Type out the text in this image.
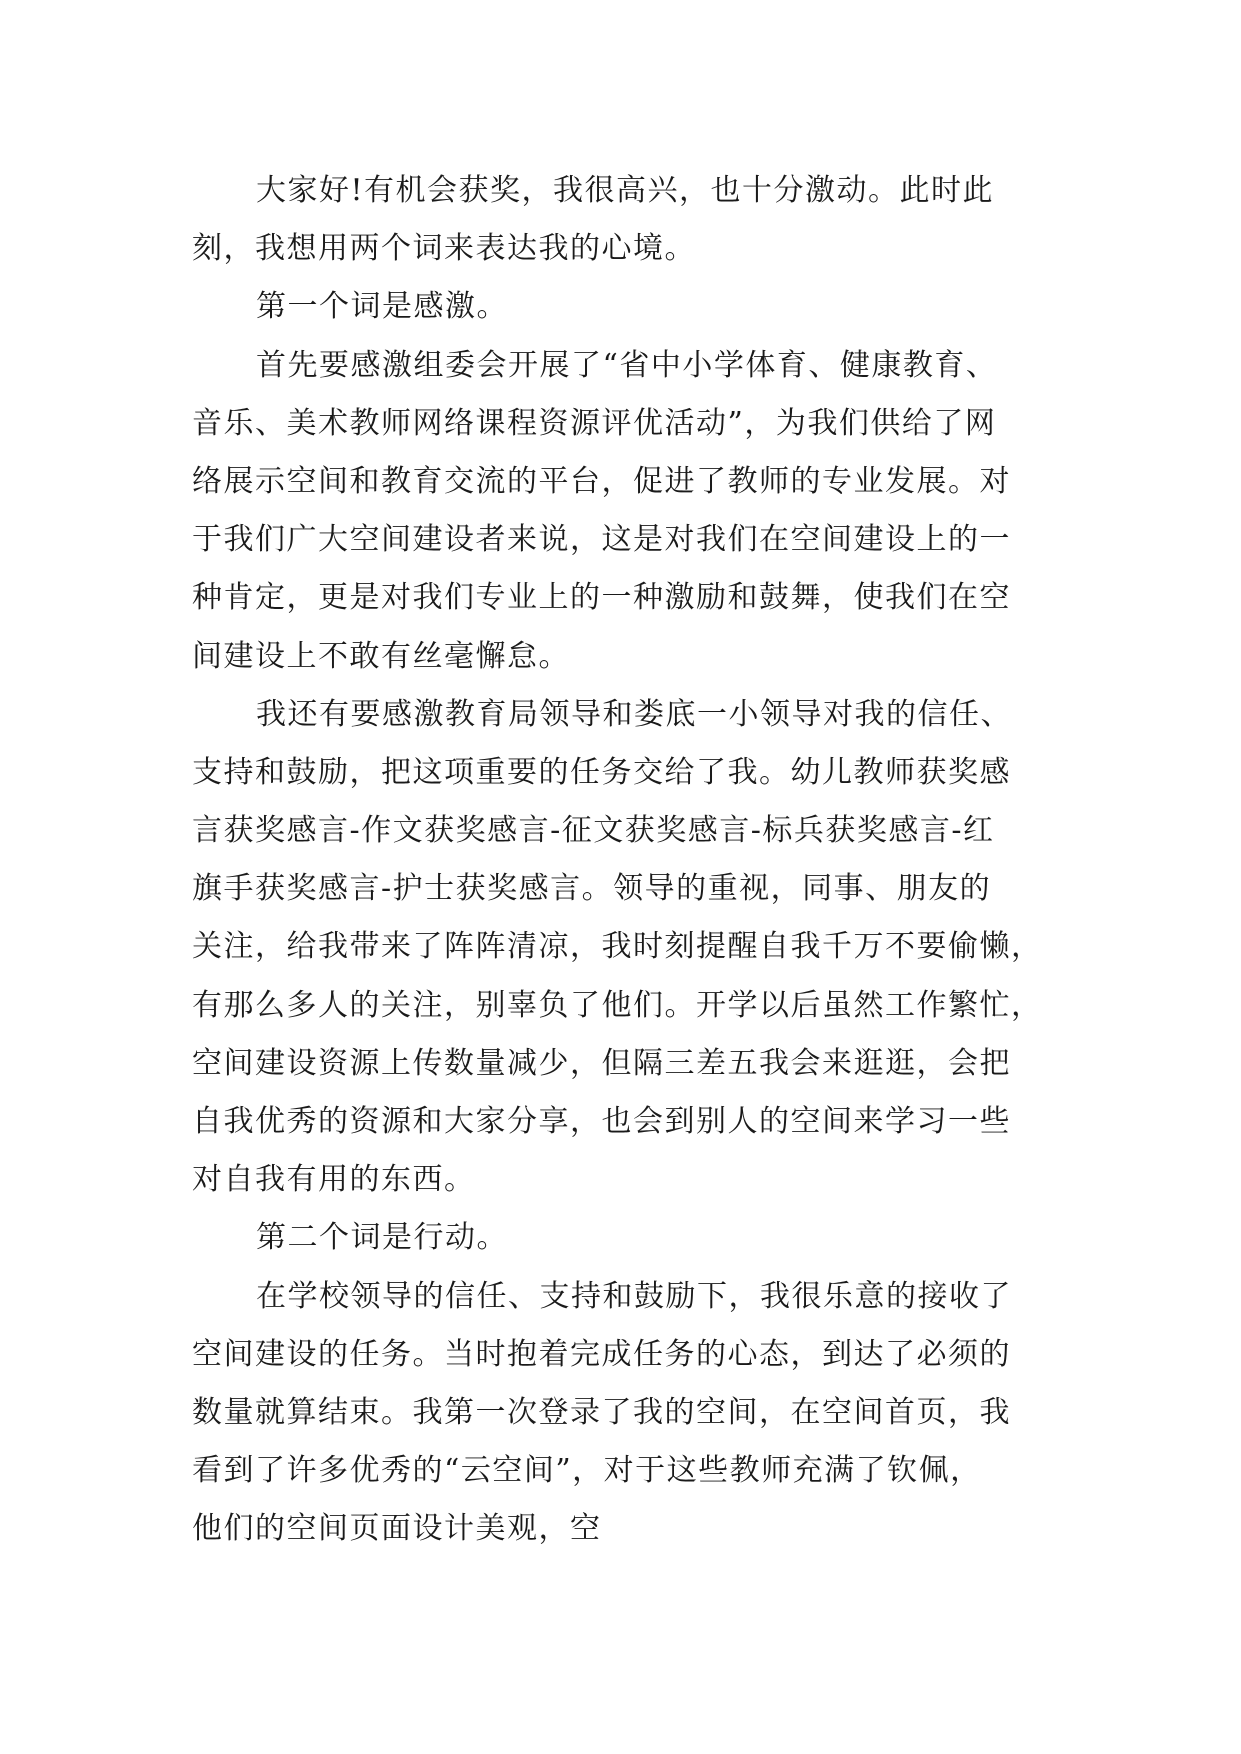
大家好!有机会获奖，我很高兴，也十分激动。此时此
刻，我想用两个词来表达我的心境。
第一个词是感激。
首先要感激组委会开展了“省中小学体育、健康教育、
音乐、美术教师网络课程资源评优活动”，为我们供给了网
络展示空间和教育交流的平台，促进了教师的专业发展。对
于我们广大空间建设者来说，这是对我们在空间建设上的一
种肯定，更是对我们专业上的一种激励和鼓舞，使我们在空
间建设上不敢有丝毫懈怠。
我还有要感激教育局领导和娄底一小领导对我的信任、
支持和鼓励，把这项重要的任务交给了我。幼儿教师获奖感
言获奖感言-作文获奖感言-征文获奖感言-标兵获奖感言-红
旗手获奖感言-护士获奖感言。领导的重视，同事、朋友的
关注，给我带来了阵阵清凉，我时刻提醒自我千万不要偷懒，
有那么多人的关注，别辜负了他们。开学以后虽然工作繁忙，
空间建设资源上传数量减少，但隔三差五我会来逛逛，会把
自我优秀的资源和大家分享，也会到别人的空间来学习一些
对自我有用的东西。
第二个词是行动。
在学校领导的信任、支持和鼓励下，我很乐意的接收了
空间建设的任务。当时抱着完成任务的心态，到达了必须的
数量就算结束。我第一次登录了我的空间，在空间首页，我
看到了许多优秀的“云空间”，对于这些教师充满了钦佩，
他们的空间页面设计美观，空
